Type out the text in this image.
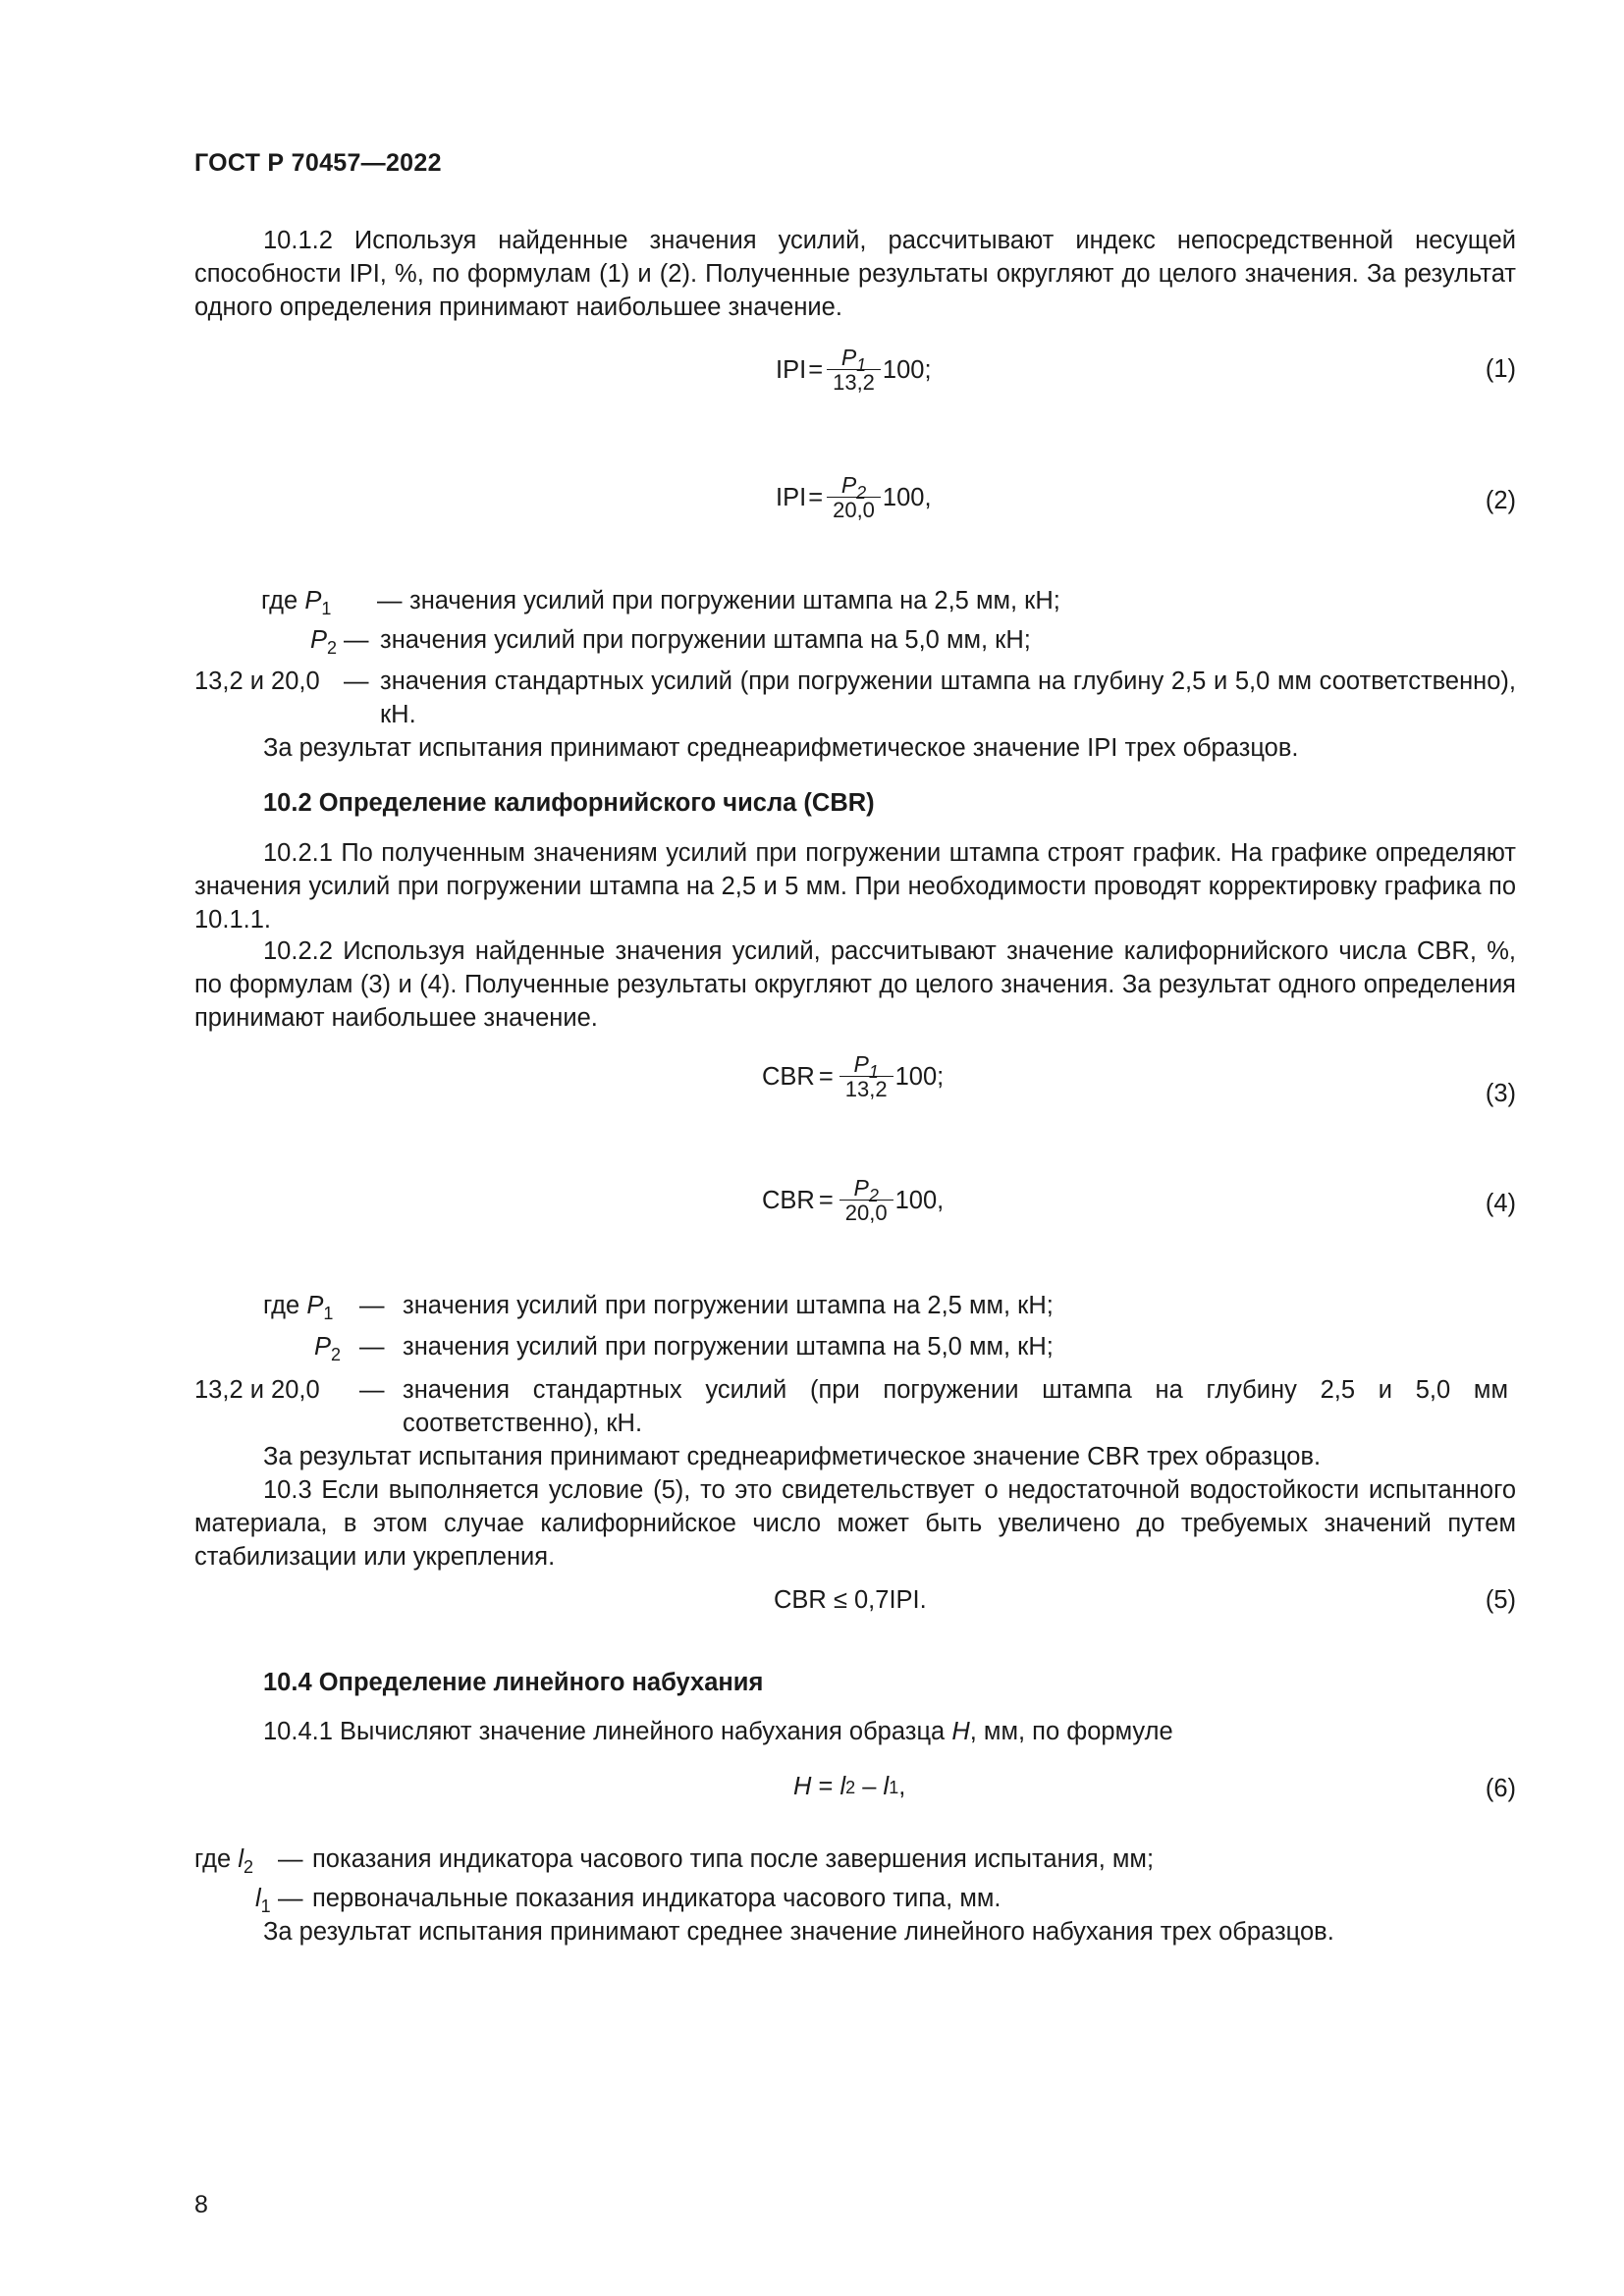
ГОСТ Р 70457—2022

10.1.2 Используя найденные значения усилий, рассчитывают индекс непосредственной несущей способности IPI, %, по формулам (1) и (2). Полученные результаты округляют до целого значения. За результат одного определения принимают наибольшее значение.

IPI = $\frac{P_1}{13,2} 100$;	(1)
IPI = $\frac{P_2}{20,0} 100$,	(2)
где $P_1$ — значения усилий при погружении штампа на 2,5 мм, кН;
$P_2$ — значения усилий при погружении штампа на 5,0 мм, кН;
13,2 и 20,0 — значения стандартных усилий (при погружении штампа на глубину 2,5 и 5,0 мм соответственно), кН.
За результат испытания принимают среднеарифметическое значение IPI трех образцов.
10.2 Определение калифорнийского числа (CBR)

10.2.1 По полученным значениям усилий при погружении штампа строят график. На графике определяют значения усилий при погружении штампа на 2,5 и 5 мм. При необходимости проводят корректировку графика по 10.1.1.

10.2.2 Используя найденные значения усилий, рассчитывают значение калифорнийского числа CBR, %, по формулам (3) и (4). Полученные результаты округляют до целого значения. За результат одного определения принимают наибольшее значение.

CBR = $\frac{P_1}{13,2} 100$;
(3)
CBR = $\frac{P_2}{20,0} 100$,	(4)
где $P_1$ — значения усилий при погружении штампа на 2,5 мм, кН;
$P_2$ — значения усилий при погружении штампа на 5,0 мм, кН;
13,2 и 20,0 — значения стандартных усилий (при погружении штампа на глубину 2,5 и 5,0 мм соответственно), кН.
За результат испытания принимают среднеарифметическое значение CBR трех образцов.

10.3 Если выполняется условие (5), то это свидетельствует о недостаточной водостойкости испытанного материала, в этом случае калифорнийское число может быть увеличено до требуемых значений путем стабилизации или укрепления.

CBR ≤ 0,7IPI.	(5)
10.4 Определение линейного набухания
10.4.1 Вычисляют значение линейного набухания образца H, мм, по формуле
H = l 2 – l 1 ,	(6)
где $l_2$ — показания индикатора часового типа после завершения испытания, мм;
$l_1$ — первоначальные показания индикатора часового типа, мм.
За результат испытания принимают среднее значение линейного набухания трех образцов.
8
